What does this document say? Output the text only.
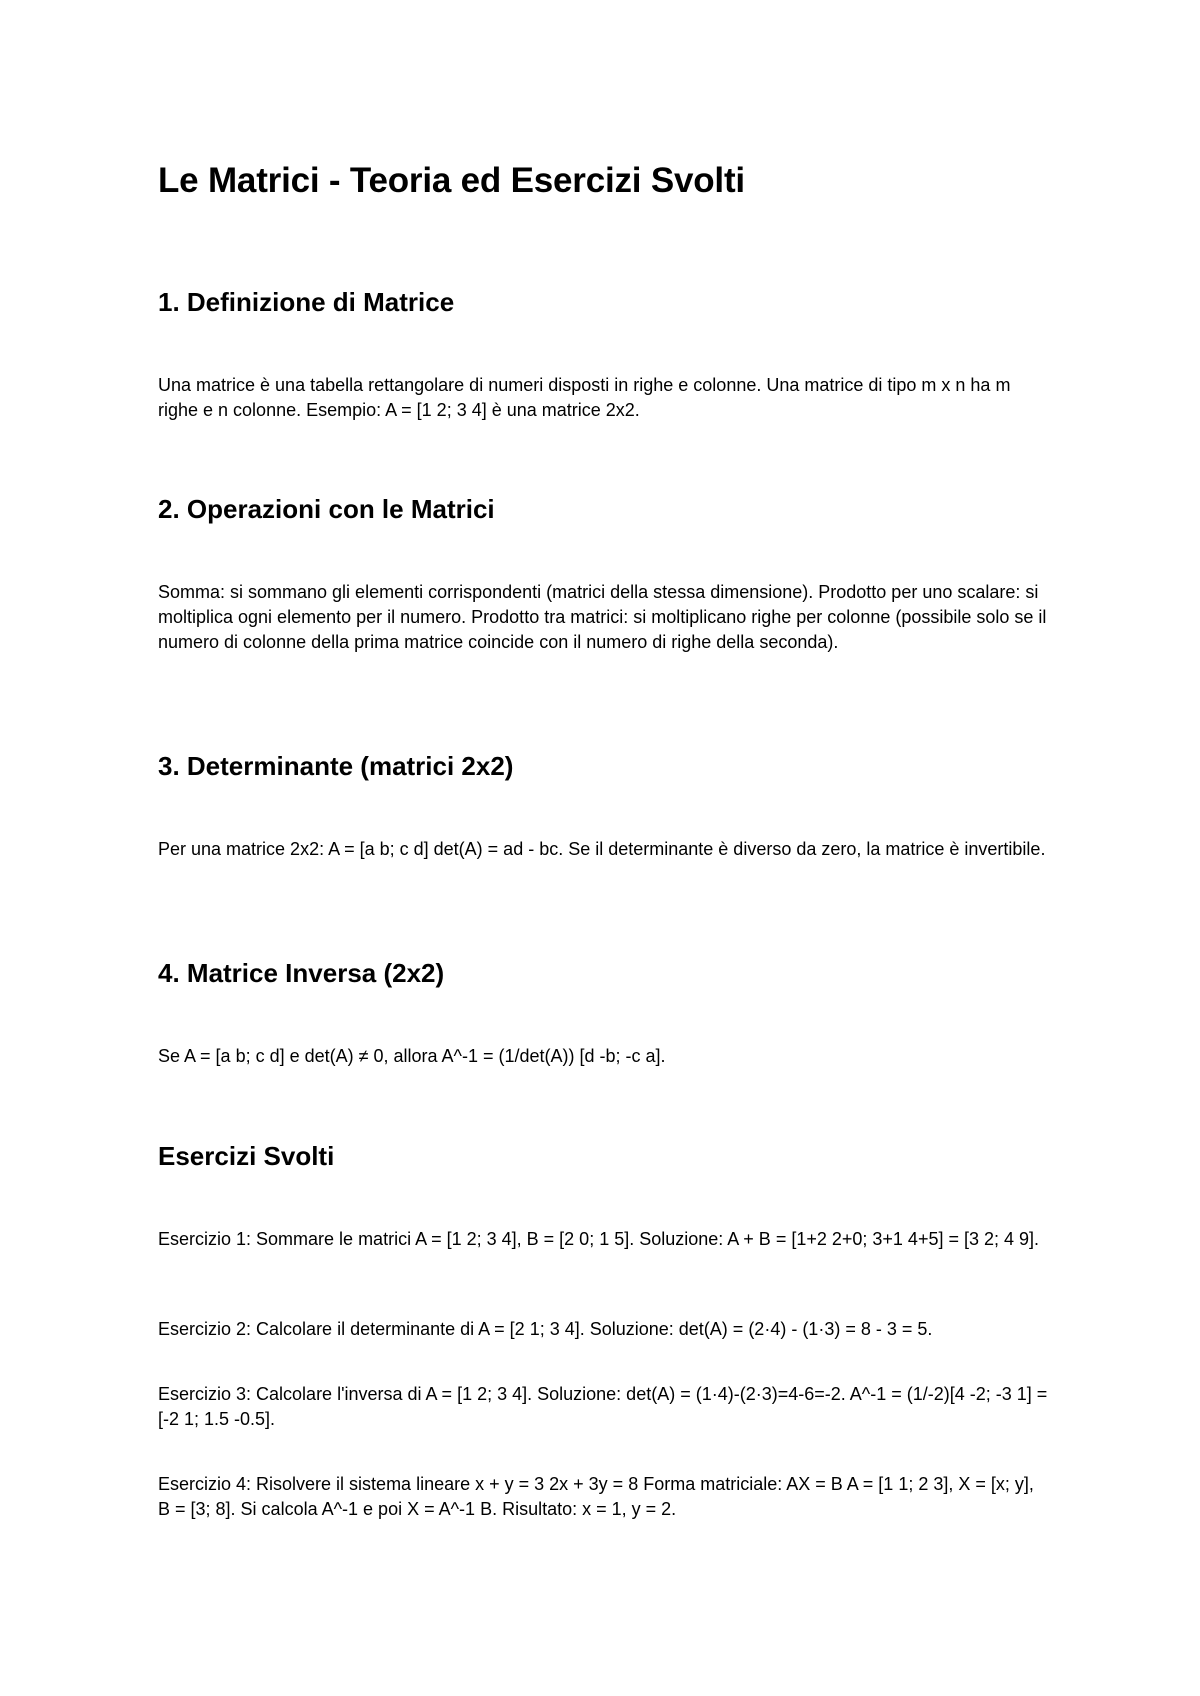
Le Matrici - Teoria ed Esercizi Svolti
1. Definizione di Matrice

Una matrice è una tabella rettangolare di numeri disposti in righe e colonne. Una matrice di tipo m x n ha m righe e n colonne. Esempio: A = [1 2; 3 4] è una matrice 2x2.

2. Operazioni con le Matrici

Somma: si sommano gli elementi corrispondenti (matrici della stessa dimensione). Prodotto per uno scalare: si moltiplica ogni elemento per il numero. Prodotto tra matrici: si moltiplicano righe per colonne (possibile solo se il numero di colonne della prima matrice coincide con il numero di righe della seconda).

3. Determinante (matrici 2x2)

Per una matrice 2x2: A = [a b; c d] det(A) = ad - bc. Se il determinante è diverso da zero, la matrice è invertibile.

4. Matrice Inversa (2x2)

Se A = [a b; c d] e det(A) ≠ 0, allora A^-1 = (1/det(A)) [d -b; -c a].

Esercizi Svolti

Esercizio 1: Sommare le matrici A = [1 2; 3 4], B = [2 0; 1 5]. Soluzione: A + B = [1+2 2+0; 3+1 4+5] = [3 2; 4 9].

Esercizio 2: Calcolare il determinante di A = [2 1; 3 4]. Soluzione: det(A) = (2·4) - (1·3) = 8 - 3 = 5.

Esercizio 3: Calcolare l'inversa di A = [1 2; 3 4]. Soluzione: det(A) = (1·4)-(2·3)=4-6=-2. A^-1 = (1/-2)[4 -2; -3 1] = [-2 1; 1.5 -0.5].

Esercizio 4: Risolvere il sistema lineare x + y = 3 2x + 3y = 8 Forma matriciale: AX = B A = [1 1; 2 3], X = [x; y], B = [3; 8]. Si calcola A^-1 e poi X = A^-1 B. Risultato: x = 1, y = 2.
